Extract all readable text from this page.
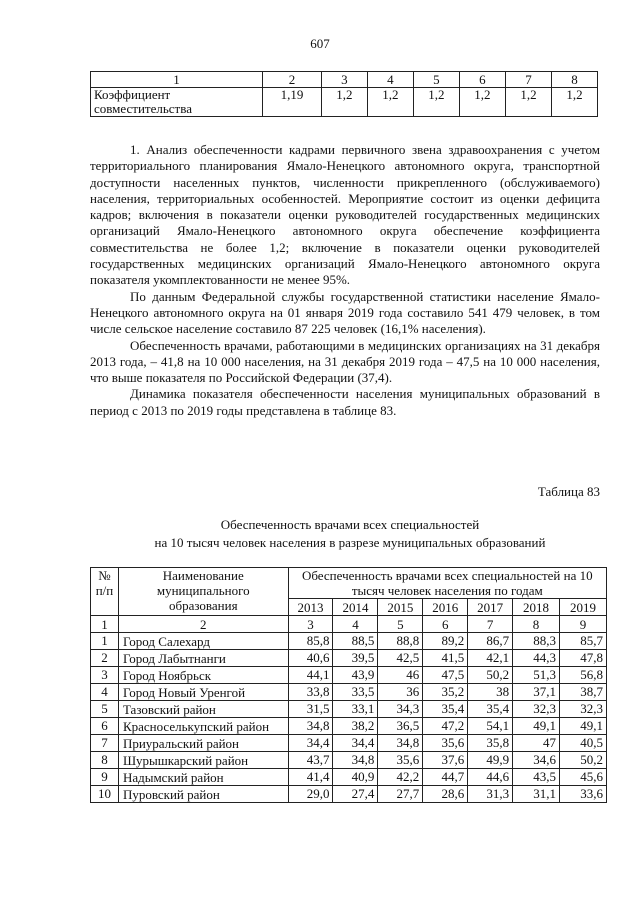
607
1	2	3	4	5	6	7	8
Коэффициент совместительства	1,19	1,2	1,2	1,2	1,2	1,2	1,2

1. Анализ обеспеченности кадрами первичного звена здравоохранения с учетом территориального планирования Ямало-Ненецкого автономного округа, транспортной доступности населенных пунктов, численности прикрепленного (обслуживаемого) населения, территориальных особенностей. Мероприятие состоит из оценки дефицита кадров; включения в показатели оценки руководителей государственных медицинских организаций Ямало-Ненецкого автономного округа обеспечение коэффициента совместительства не более 1,2; включение в показатели оценки руководителей государственных медицинских организаций Ямало-Ненецкого автономного округа показателя укомплектованности не менее 95%.

По данным Федеральной службы государственной статистики население Ямало-Ненецкого автономного округа на 01 января 2019 года составило 541 479 человек, в том числе сельское население составило 87 225 человек (16,1% населения).

Обеспеченность врачами, работающими в медицинских организациях на 31 декабря 2013 года, – 41,8 на 10 000 населения, на 31 декабря 2019 года – 47,5 на 10 000 населения, что выше показателя по Российской Федерации (37,4).

Динамика показателя обеспеченности населения муниципальных образований в период с 2013 по 2019 годы представлена в таблице 83.

Таблица 83
Обеспеченность врачами всех специальностей
на 10 тысяч человек населения в разрезе муниципальных образований
№ п/п	Наименование муниципального образования	Обеспеченность врачами всех специальностей на 10 тысяч человек населения по годам						
		2013	2014	2015	2016	2017	2018	2019
1	2	3	4	5	6	7	8	9
1	Город Салехард	85,8	88,5	88,8	89,2	86,7	88,3	85,7
2	Город Лабытнанги	40,6	39,5	42,5	41,5	42,1	44,3	47,8
3	Город Ноябрьск	44,1	43,9	46	47,5	50,2	51,3	56,8
4	Город Новый Уренгой	33,8	33,5	36	35,2	38	37,1	38,7
5	Тазовский район	31,5	33,1	34,3	35,4	35,4	32,3	32,3
6	Красноселькупский район	34,8	38,2	36,5	47,2	54,1	49,1	49,1
7	Приуральский район	34,4	34,4	34,8	35,6	35,8	47	40,5
8	Шурышкарский район	43,7	34,8	35,6	37,6	49,9	34,6	50,2
9	Надымский район	41,4	40,9	42,2	44,7	44,6	43,5	45,6
10	Пуровский район	29,0	27,4	27,7	28,6	31,3	31,1	33,6
